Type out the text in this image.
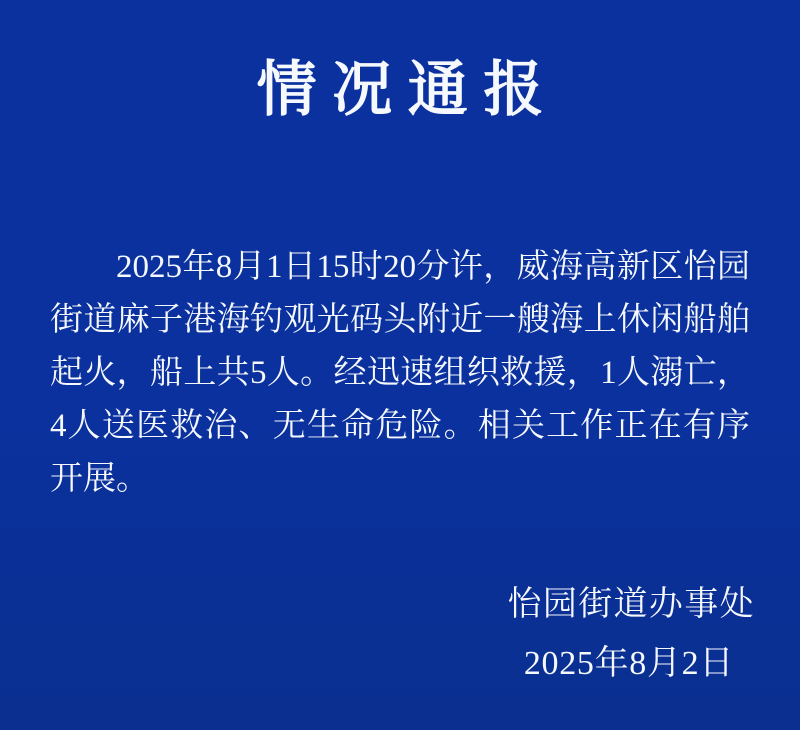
情况通报
2025年8月1日15时20分许，威海高新区怡园
街道麻子港海钓观光码头附近一艘海上休闲船舶
起火，船上共5人。经迅速组织救援，1人溺亡，
4人送医救治、无生命危险。相关工作正在有序
开展。
怡园街道办事处
2025年8月2日
